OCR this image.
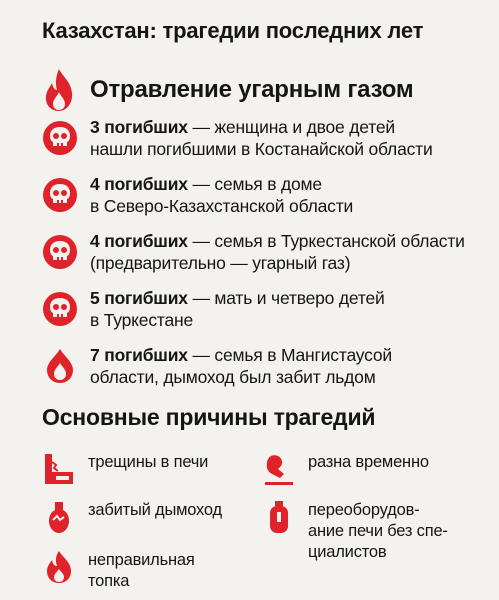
Казахстан: трагедии последних лет
Отравление угарным газом
3 погибших — женщина и двое детей
нашли погибшими в Костанайской области
4 погибших — семья в доме
в Северо-Казахстанской области
4 погибших — семья в Туркестанской области
(предварительно — угарный газ)
5 погибших — мать и четверо детей
в Туркестане
7 погибших — семья в Мангистаусой
области, дымоход был забит льдом
Основные причины трагедий
трещины в печи	разна временно
забитый дымоход	переоборудов-
ание печи без спе-
циалистов
неправильная
топка
